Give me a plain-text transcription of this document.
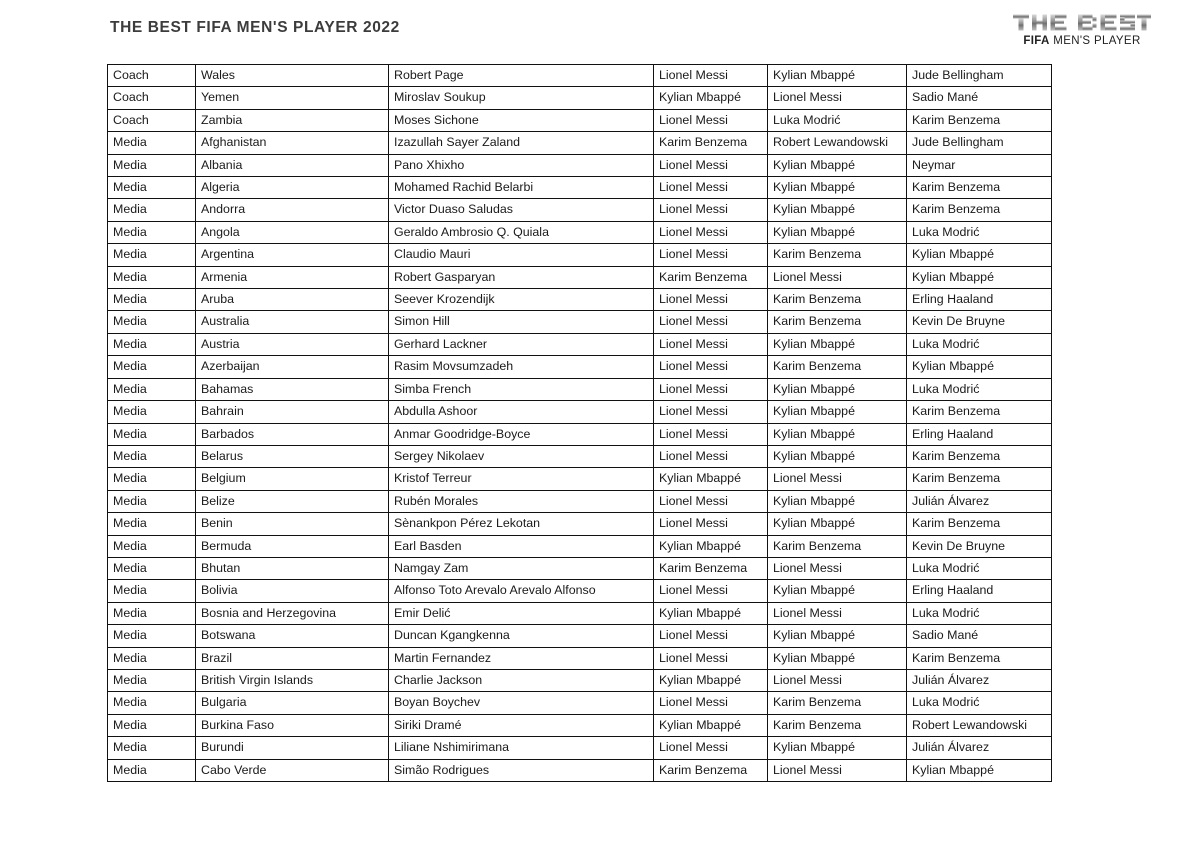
THE BEST FIFA MEN'S PLAYER 2022
FIFA MEN'S PLAYER
Coach	Wales	Robert Page	Lionel Messi	Kylian Mbappé	Jude Bellingham
Coach	Yemen	Miroslav Soukup	Kylian Mbappé	Lionel Messi	Sadio Mané
Coach	Zambia	Moses Sichone	Lionel Messi	Luka Modrić	Karim Benzema
Media	Afghanistan	Izazullah Sayer Zaland	Karim Benzema	Robert Lewandowski	Jude Bellingham
Media	Albania	Pano Xhixho	Lionel Messi	Kylian Mbappé	Neymar
Media	Algeria	Mohamed Rachid Belarbi	Lionel Messi	Kylian Mbappé	Karim Benzema
Media	Andorra	Victor Duaso Saludas	Lionel Messi	Kylian Mbappé	Karim Benzema
Media	Angola	Geraldo Ambrosio Q. Quiala	Lionel Messi	Kylian Mbappé	Luka Modrić
Media	Argentina	Claudio Mauri	Lionel Messi	Karim Benzema	Kylian Mbappé
Media	Armenia	Robert Gasparyan	Karim Benzema	Lionel Messi	Kylian Mbappé
Media	Aruba	Seever Krozendijk	Lionel Messi	Karim Benzema	Erling Haaland
Media	Australia	Simon Hill	Lionel Messi	Karim Benzema	Kevin De Bruyne
Media	Austria	Gerhard Lackner	Lionel Messi	Kylian Mbappé	Luka Modrić
Media	Azerbaijan	Rasim Movsumzadeh	Lionel Messi	Karim Benzema	Kylian Mbappé
Media	Bahamas	Simba French	Lionel Messi	Kylian Mbappé	Luka Modrić
Media	Bahrain	Abdulla Ashoor	Lionel Messi	Kylian Mbappé	Karim Benzema
Media	Barbados	Anmar Goodridge-Boyce	Lionel Messi	Kylian Mbappé	Erling Haaland
Media	Belarus	Sergey Nikolaev	Lionel Messi	Kylian Mbappé	Karim Benzema
Media	Belgium	Kristof Terreur	Kylian Mbappé	Lionel Messi	Karim Benzema
Media	Belize	Rubén Morales	Lionel Messi	Kylian Mbappé	Julián Álvarez
Media	Benin	Sènankpon Pérez Lekotan	Lionel Messi	Kylian Mbappé	Karim Benzema
Media	Bermuda	Earl Basden	Kylian Mbappé	Karim Benzema	Kevin De Bruyne
Media	Bhutan	Namgay Zam	Karim Benzema	Lionel Messi	Luka Modrić
Media	Bolivia	Alfonso Toto Arevalo Arevalo Alfonso	Lionel Messi	Kylian Mbappé	Erling Haaland
Media	Bosnia and Herzegovina	Emir Delić	Kylian Mbappé	Lionel Messi	Luka Modrić
Media	Botswana	Duncan Kgangkenna	Lionel Messi	Kylian Mbappé	Sadio Mané
Media	Brazil	Martin Fernandez	Lionel Messi	Kylian Mbappé	Karim Benzema
Media	British Virgin Islands	Charlie Jackson	Kylian Mbappé	Lionel Messi	Julián Álvarez
Media	Bulgaria	Boyan Boychev	Lionel Messi	Karim Benzema	Luka Modrić
Media	Burkina Faso	Siriki Dramé	Kylian Mbappé	Karim Benzema	Robert Lewandowski
Media	Burundi	Liliane Nshimirimana	Lionel Messi	Kylian Mbappé	Julián Álvarez
Media	Cabo Verde	Simão Rodrigues	Karim Benzema	Lionel Messi	Kylian Mbappé
